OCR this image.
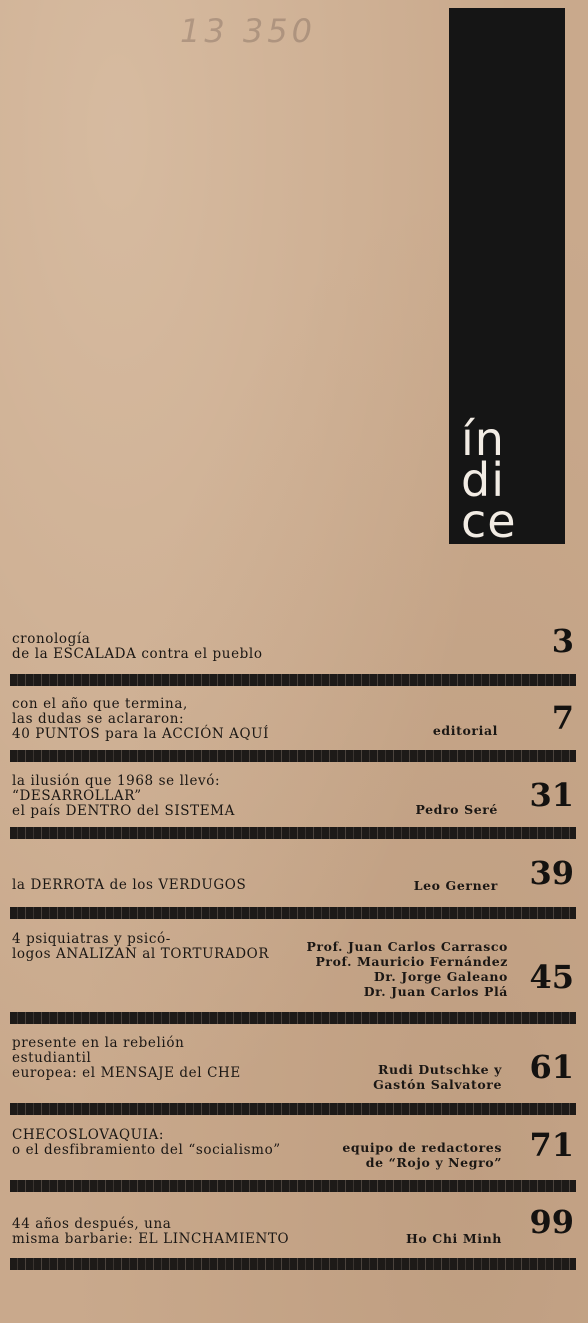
13 350
ín
di
ce
cronología
de la ESCALADA contra el pueblo	3
con el año que termina,
las dudas se aclararon:
40 PUNTOS para la ACCIÓN AQUÍ	editorial 7
la ilusión que 1968 se llevó:
“DESARROLLAR”
el país DENTRO del SISTEMA	Pedro Seré 31
la DERROTA de los VERDUGOS	Leo Gerner 39
4 psiquiatras y psicó-
logos ANALIZAN al TORTURADOR	Prof. Juan Carlos Carrasco
Prof. Mauricio Fernández
Dr. Jorge Galeano
Dr. Juan Carlos Plá 45
presente en la rebelión
estudiantil
europea: el MENSAJE del CHE	Rudi Dutschke y
Gastón Salvatore 61
CHECOSLOVAQUIA:
o el desfibramiento del “socialismo”	equipo de redactores
de “Rojo y Negro” 71
44 años después, una
misma barbarie: EL LINCHAMIENTO	Ho Chi Minh 99
